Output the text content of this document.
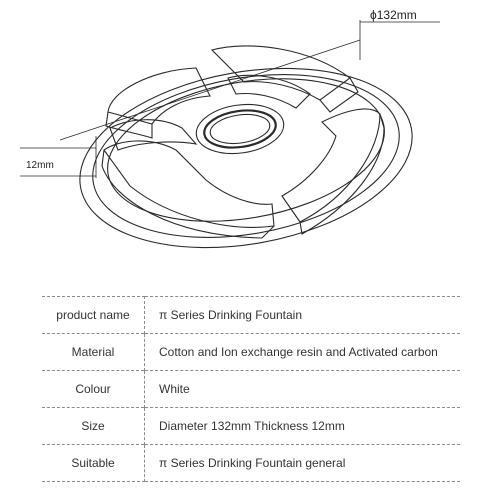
ϕ132mm
12mm
product name	π Series Drinking Fountain
Material	Cotton and Ion exchange resin and Activated carbon
Colour	White
Size	Diameter 132mm Thickness 12mm
Suitable	π Series Drinking Fountain general
